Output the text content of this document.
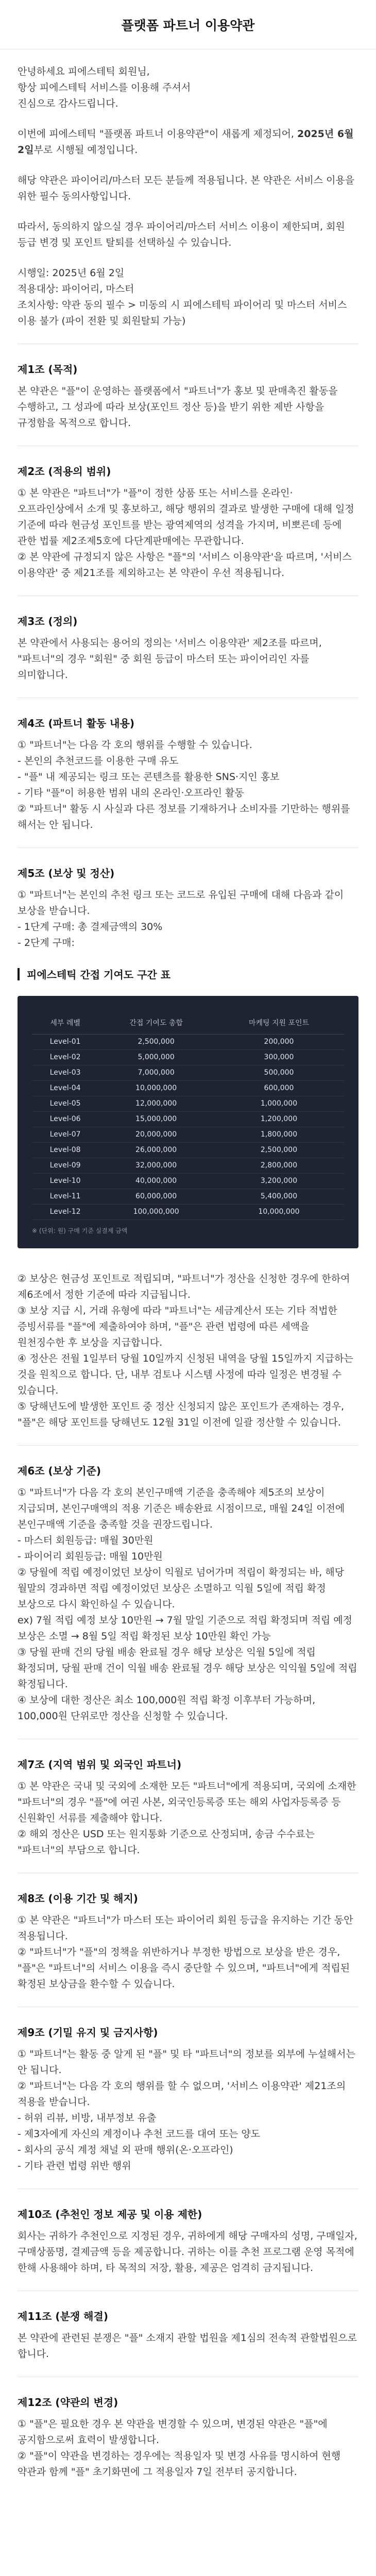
플랫폼 파트너 이용약관
안녕하세요 피에스테틱 회원님,
항상 피에스테틱 서비스를 이용해 주셔서
진심으로 감사드립니다.
이번에 피에스테틱 "플랫폼 파트너 이용약관"이 새롭게 제정되어, 2025년 6월 2일부로 시행될 예정입니다.
해당 약관은 파이어리/마스터 모든 분들께 적용됩니다. 본 약관은 서비스 이용을 위한 필수 동의사항입니다.
따라서, 동의하지 않으실 경우 파이어리/마스터 서비스 이용이 제한되며, 회원 등급 변경 및 포인트 탈퇴를 선택하실 수 있습니다.
시행일: 2025년 6월 2일
적용대상: 파이어리, 마스터
조치사항: 약관 동의 필수 > 미동의 시 피에스테틱 파이어리 및 마스터 서비스 이용 불가 (파이 전환 및 회원탈퇴 가능)
제1조 (목적)
본 약관은 "플"이 운영하는 플랫폼에서 "파트너"가 홍보 및 판매촉진 활동을 수행하고, 그 성과에 따라 보상(포인트 정산 등)을 받기 위한 제반 사항을 규정함을 목적으로 합니다.
제2조 (적용의 범위)
① 본 약관은 "파트너"가 "플"이 정한 상품 또는 서비스를 온라인·오프라인상에서 소개 및 홍보하고, 해당 행위의 결과로 발생한 구매에 대해 일정 기준에 따라 현금성 포인트를 받는 광역제역의 성격을 가지며, 비뽀른데 등에 관한 법률 제2조제5호에 다단계판매에는 무관합니다.
② 본 약관에 규정되지 않은 사항은 "플"의 '서비스 이용약관'을 따르며, '서비스 이용약관' 중 제21조를 제외하고는 본 약관이 우선 적용됩니다.
제3조 (정의)
본 약관에서 사용되는 용어의 정의는 '서비스 이용약관' 제2조를 따르며, "파트너"의 경우 "회원" 중 회원 등급이 마스터 또는 파이어리인 자를 의미합니다.
제4조 (파트너 활동 내용)
① "파트너"는 다음 각 호의 행위를 수행할 수 있습니다.
- 본인의 추천코드를 이용한 구매 유도
- "플" 내 제공되는 링크 또는 콘텐츠를 활용한 SNS·지인 홍보
- 기타 "플"이 허용한 범위 내의 온라인·오프라인 활동
② "파트너" 활동 시 사실과 다른 정보를 기재하거나 소비자를 기만하는 행위를 해서는 안 됩니다.
제5조 (보상 및 정산)
① "파트너"는 본인의 추천 링크 또는 코드로 유입된 구매에 대해 다음과 같이 보상을 받습니다.
- 1단계 구매: 총 결제금액의 30%
- 2단계 구매:
피에스테틱 간접 기여도 구간 표
세부 레벨	간접 기여도 총합	마케팅 지원 포인트
Level-01	2,500,000	200,000
Level-02	5,000,000	300,000
Level-03	7,000,000	500,000
Level-04	10,000,000	600,000
Level-05	12,000,000	1,000,000
Level-06	15,000,000	1,200,000
Level-07	20,000,000	1,800,000
Level-08	26,000,000	2,500,000
Level-09	32,000,000	2,800,000
Level-10	40,000,000	3,200,000
Level-11	60,000,000	5,400,000
Level-12	100,000,000	10,000,000
※ (단위: 원) 구매 기준 실결제 금액
② 보상은 현금성 포인트로 적립되며, "파트너"가 정산을 신청한 경우에 한하여 제6조에서 정한 기준에 따라 지급됩니다.
③ 보상 지급 시, 거래 유형에 따라 "파트너"는 세금계산서 또는 기타 적법한 증빙서류를 "플"에 제출하여야 하며, "플"은 관련 법령에 따른 세액을 원천징수한 후 보상을 지급합니다.
④ 정산은 전월 1일부터 당월 10일까지 신청된 내역을 당월 15일까지 지급하는 것을 원칙으로 합니다. 단, 내부 검토나 시스템 사정에 따라 일정은 변경될 수 있습니다.
⑤ 당해년도에 발생한 포인트 중 정산 신청되지 않은 포인트가 존재하는 경우, "플"은 해당 포인트를 당해년도 12월 31일 이전에 일괄 정산할 수 있습니다.
제6조 (보상 기준)
① "파트너"가 다음 각 호의 본인구매액 기준을 충족해야 제5조의 보상이 지급되며, 본인구매액의 적용 기준은 배송완료 시점이므로, 매월 24일 이전에 본인구매액 기준을 충족할 것을 권장드립니다.
- 마스터 회원등급: 매월 30만원
- 파이어리 회원등급: 매월 10만원
② 당월에 적립 예정이었던 보상이 익월로 넘어가며 적립이 확정되는 바, 해당 월말의 경과하면 적립 예정이었던 보상은 소멸하고 익월 5일에 적립 확정 보상으로 다시 확인하실 수 있습니다.
ex) 7월 적립 예정 보상 10만원 → 7월 말일 기준으로 적립 확정되며 적립 예정 보상은 소멸 → 8월 5일 적립 확정된 보상 10만원 확인 가능
③ 당월 판매 건의 당월 배송 완료될 경우 해당 보상은 익월 5일에 적립 확정되며, 당월 판매 건이 익월 배송 완료될 경우 해당 보상은 익익월 5일에 적립 확정됩니다.
④ 보상에 대한 정산은 최소 100,000원 적립 확정 이후부터 가능하며, 100,000원 단위로만 정산을 신청할 수 있습니다.
제7조 (지역 범위 및 외국인 파트너)
① 본 약관은 국내 및 국외에 소재한 모든 "파트너"에게 적용되며, 국외에 소재한 "파트너"의 경우 "플"에 여권 사본, 외국인등록증 또는 해외 사업자등록증 등 신원확인 서류를 제출해야 합니다.
② 해외 정산은 USD 또는 원지통화 기준으로 산정되며, 송금 수수료는 "파트너"의 부담으로 합니다.
제8조 (이용 기간 및 해지)
① 본 약관은 "파트너"가 마스터 또는 파이어리 회원 등급을 유지하는 기간 동안 적용됩니다.
② "파트너"가 "플"의 정책을 위반하거나 부정한 방법으로 보상을 받은 경우, "플"은 "파트너"의 서비스 이용을 즉시 중단할 수 있으며, "파트너"에게 적립된 확정된 보상금을 환수할 수 있습니다.
제9조 (기밀 유지 및 금지사항)
① "파트너"는 활동 중 알게 된 "플" 및 타 "파트너"의 정보를 외부에 누설해서는 안 됩니다.
② "파트너"는 다음 각 호의 행위를 할 수 없으며, '서비스 이용약관' 제21조의 적용을 받습니다.
- 허위 리뷰, 비방, 내부정보 유출
- 제3자에게 자신의 계정이나 추천 코드를 대여 또는 양도
- 회사의 공식 계정 채널 외 판매 행위(온·오프라인)
- 기타 관련 법령 위반 행위
제10조 (추천인 정보 제공 및 이용 제한)
회사는 귀하가 추천인으로 지정된 경우, 귀하에게 해당 구매자의 성명, 구매일자, 구매상품명, 결제금액 등을 제공합니다. 귀하는 이를 추천 프로그램 운영 목적에 한해 사용해야 하며, 타 목적의 저장, 활용, 제공은 엄격히 금지됩니다.
제11조 (분쟁 해결)
본 약관에 관련된 분쟁은 "플" 소재지 관할 법원을 제1심의 전속적 관할법원으로 합니다.
제12조 (약관의 변경)
① "플"은 필요한 경우 본 약관을 변경할 수 있으며, 변경된 약관은 "플"에 공지함으로써 효력이 발생합니다.
② "플"이 약관을 변경하는 경우에는 적용일자 및 변경 사유를 명시하여 현행 약관과 함께 "플" 초기화면에 그 적용일자 7일 전부터 공지합니다.
